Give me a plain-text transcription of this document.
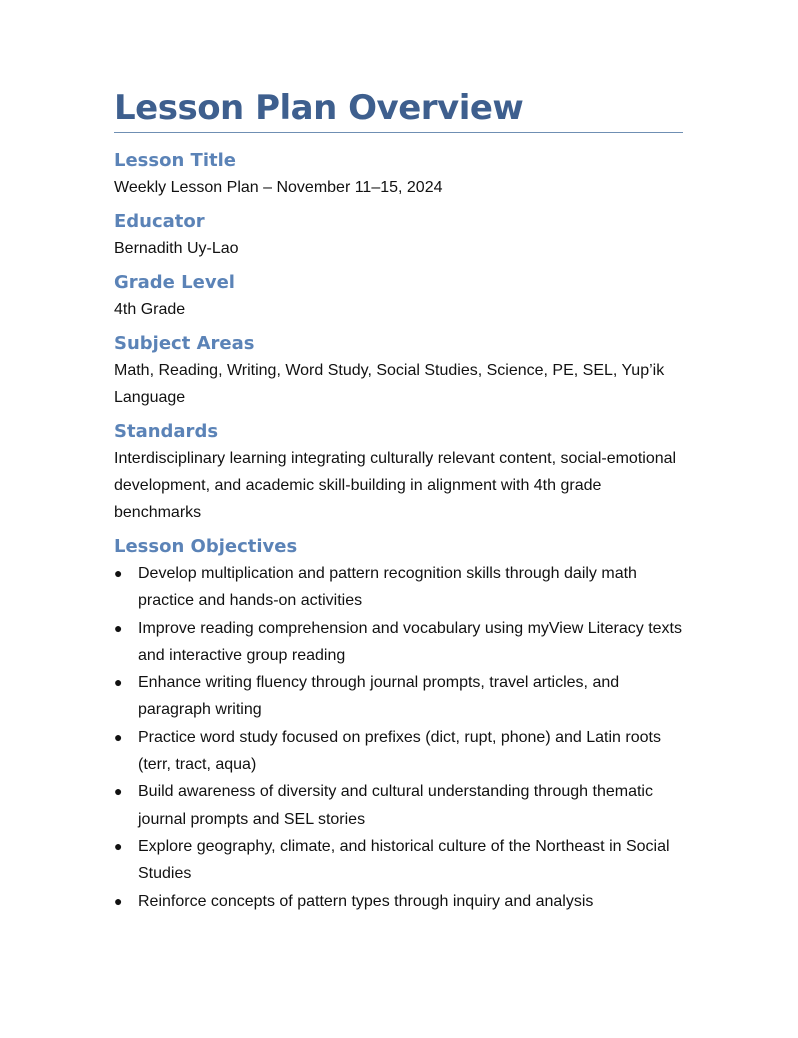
Lesson Plan Overview
Lesson Title

Weekly Lesson Plan – November 11–15, 2024

Educator

Bernadith Uy-Lao

Grade Level

4th Grade

Subject Areas

Math, Reading, Writing, Word Study, Social Studies, Science, PE, SEL, Yup’ik Language

Standards

Interdisciplinary learning integrating culturally relevant content, social-emotional development, and academic skill-building in alignment with 4th grade benchmarks

Lesson Objectives
● Develop multiplication and pattern recognition skills through daily math practice and hands-on activities
● Improve reading comprehension and vocabulary using myView Literacy texts and interactive group reading
● Enhance writing fluency through journal prompts, travel articles, and paragraph writing
● Practice word study focused on prefixes (dict, rupt, phone) and Latin roots (terr, tract, aqua)
● Build awareness of diversity and cultural understanding through thematic journal prompts and SEL stories
● Explore geography, climate, and historical culture of the Northeast in Social Studies
● Reinforce concepts of pattern types through inquiry and analysis
